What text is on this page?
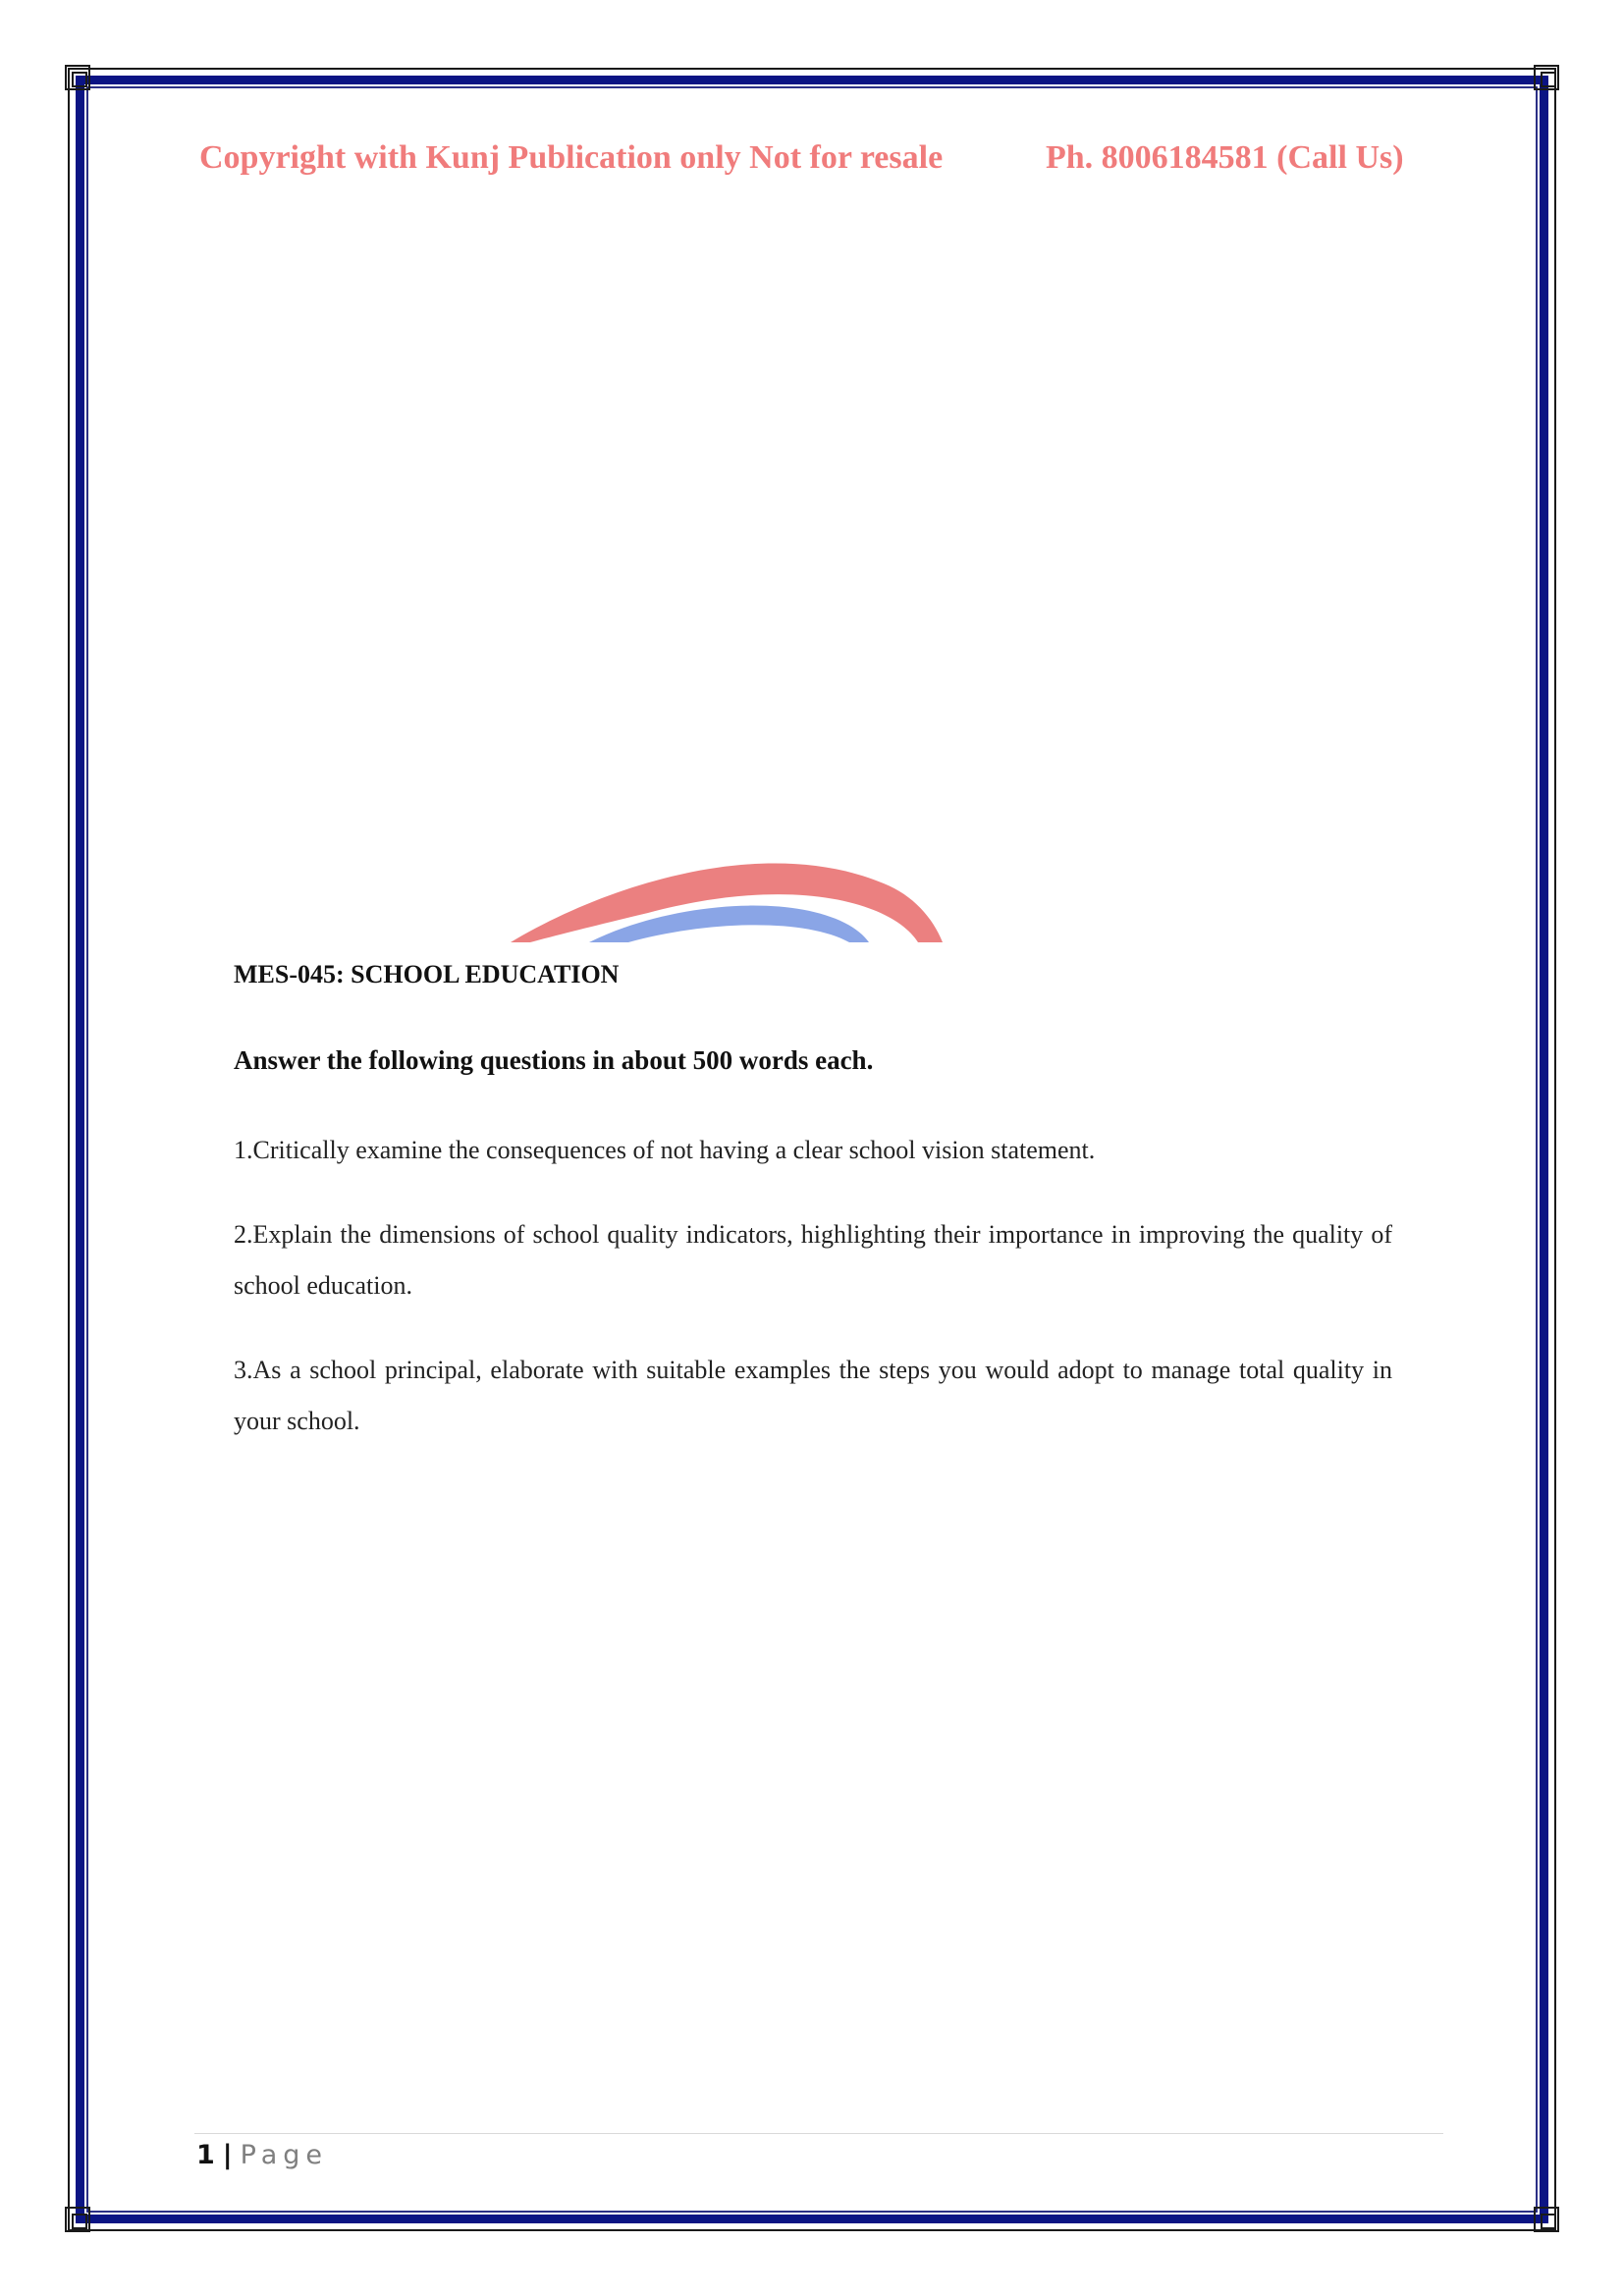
Copyright with Kunj Publication only Not for resale	Ph. 8006184581 (Call Us)
MES-045: SCHOOL EDUCATION
Answer the following questions in about 500 words each.
1.Critically examine the consequences of not having a clear school vision statement.
2.Explain the dimensions of school quality indicators, highlighting their importance in improving the quality of school education.
3.As a school principal, elaborate with suitable examples the steps you would adopt to manage total quality in your school.
1 | Page
